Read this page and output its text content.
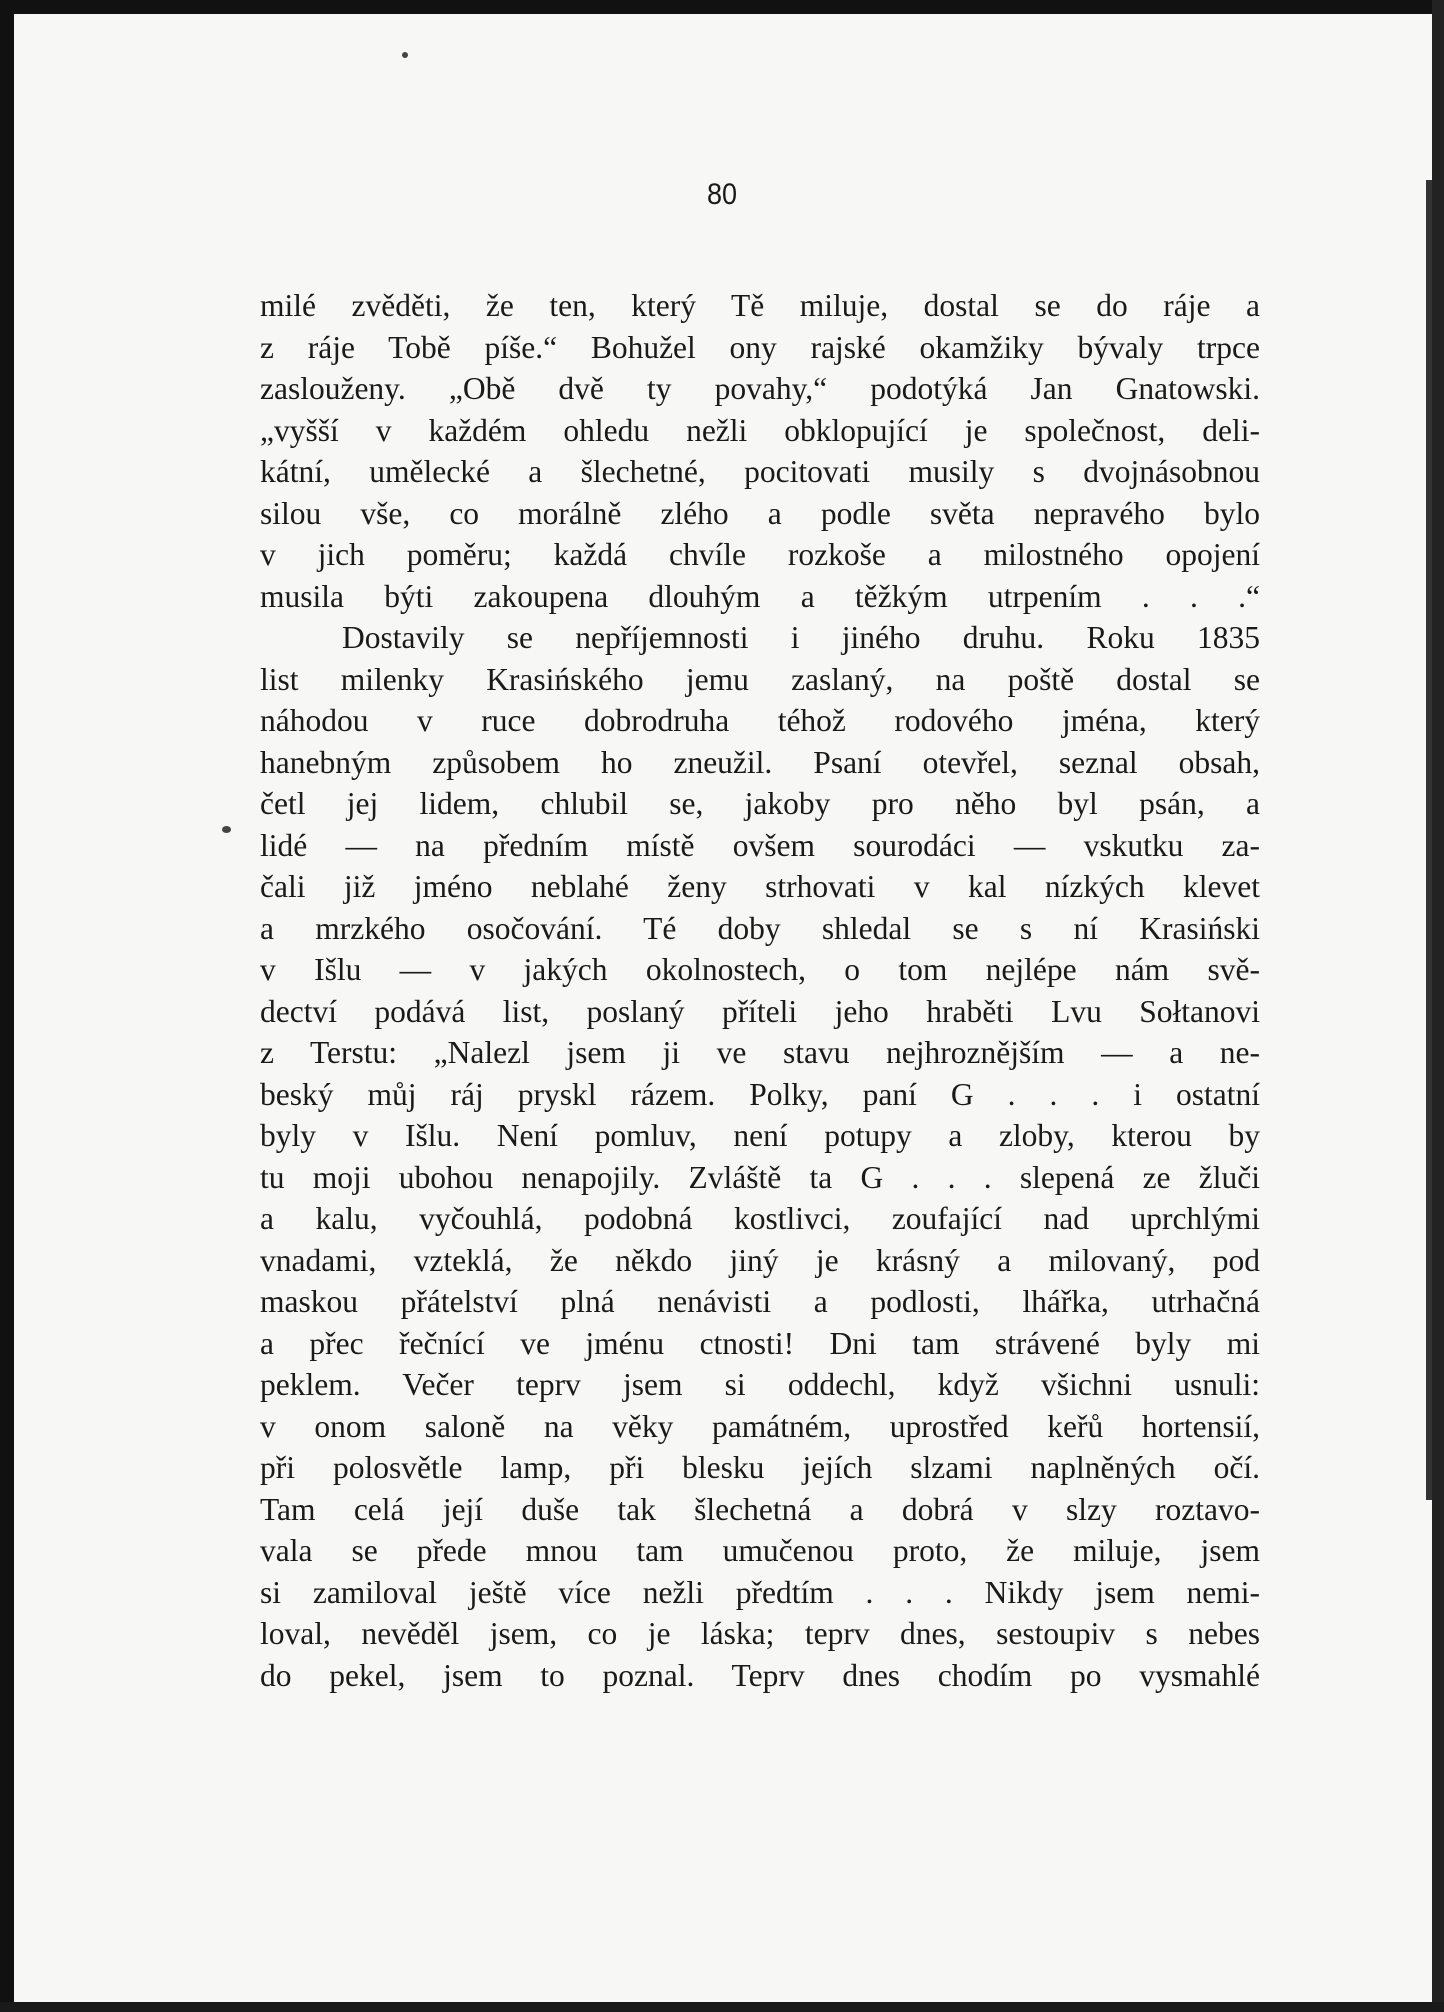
80
milé zvěděti, že ten, který Tě miluje, dostal se do ráje a
z ráje Tobě píše.“ Bohužel ony rajské okamžiky bývaly trpce
zaslouženy. „Obě dvě ty povahy,“ podotýká Jan Gnatowski.
„vyšší v každém ohledu nežli obklopující je společnost, deli-
kátní, umělecké a šlechetné, pocitovati musily s dvojnásobnou
silou vše, co morálně zlého a podle světa nepravého bylo
v jich poměru; každá chvíle rozkoše a milostného opojení
musila býti zakoupena dlouhým a těžkým utrpením . . .“
Dostavily se nepříjemnosti i jiného druhu. Roku 1835
list milenky Krasińského jemu zaslaný, na poště dostal se
náhodou v ruce dobrodruha téhož rodového jména, který
hanebným způsobem ho zneužil. Psaní otevřel, seznal obsah,
četl jej lidem, chlubil se, jakoby pro něho byl psán, a
lidé — na předním místě ovšem sourodáci — vskutku za-
čali již jméno neblahé ženy strhovati v kal nízkých klevet
a mrzkého osočování. Té doby shledal se s ní Krasiński
v Išlu — v jakých okolnostech, o tom nejlépe nám svě-
dectví podává list, poslaný příteli jeho hraběti Lvu Sołtanovi
z Terstu: „Nalezl jsem ji ve stavu nejhroznějším — a ne-
beský můj ráj pryskl rázem. Polky, paní G . . . i ostatní
byly v Išlu. Není pomluv, není potupy a zloby, kterou by
tu moji ubohou nenapojily. Zvláště ta G . . . slepená ze žluči
a kalu, vyčouhlá, podobná kostlivci, zoufající nad uprchlými
vnadami, vzteklá, že někdo jiný je krásný a milovaný, pod
maskou přátelství plná nenávisti a podlosti, lhářka, utrhačná
a přec řečnící ve jménu ctnosti! Dni tam strávené byly mi
peklem. Večer teprv jsem si oddechl, když všichni usnuli:
v onom saloně na věky památném, uprostřed keřů hortensií,
při polosvětle lamp, při blesku jejích slzami naplněných očí.
Tam celá její duše tak šlechetná a dobrá v slzy roztavo-
vala se přede mnou tam umučenou proto, že miluje, jsem
si zamiloval ještě více nežli předtím . . . Nikdy jsem nemi-
loval, nevěděl jsem, co je láska; teprv dnes, sestoupiv s nebes
do pekel, jsem to poznal. Teprv dnes chodím po vysmahlé
